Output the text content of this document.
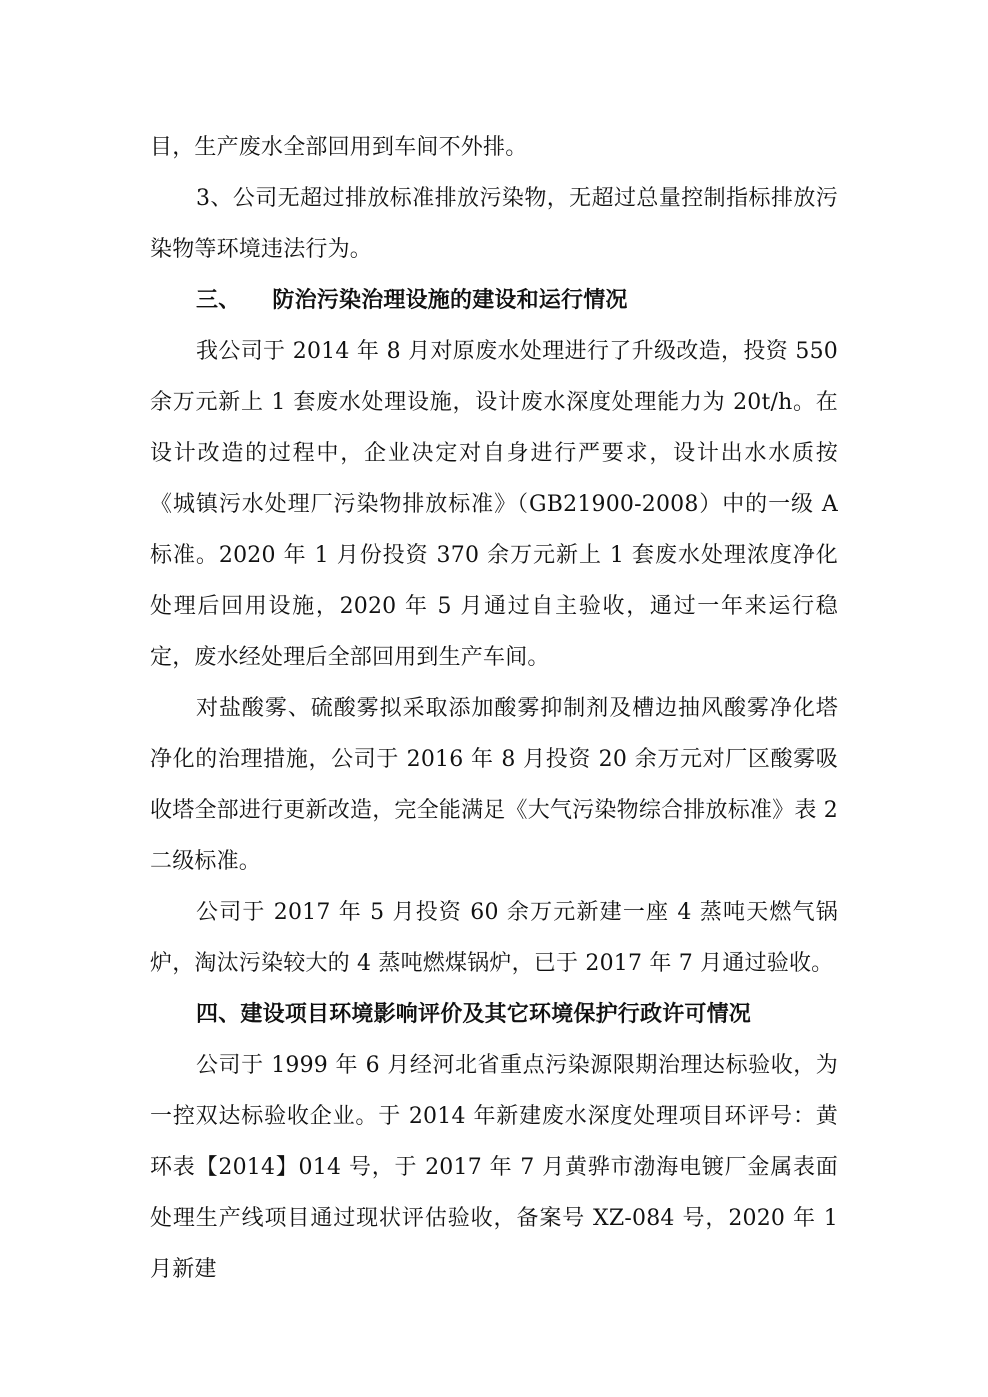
目，生产废水全部回用到车间不外排。

3、公司无超过排放标准排放污染物，无超过总量控制指标排放污染物等环境违法行为。

三、 防治污染治理设施的建设和运行情况

我公司于 2014 年 8 月对原废水处理进行了升级改造，投资 550 余万元新上 1 套废水处理设施，设计废水深度处理能力为 20t/h。在设计改造的过程中，企业决定对自身进行严要求，设计出水水质按《城镇污水处理厂污染物排放标准》（GB21900-2008）中的一级 A 标准。2020 年 1 月份投资 370 余万元新上 1 套废水处理浓度净化处理后回用设施，2020 年 5 月通过自主验收，通过一年来运行稳定，废水经处理后全部回用到生产车间。

对盐酸雾、硫酸雾拟采取添加酸雾抑制剂及槽边抽风酸雾净化塔净化的治理措施，公司于 2016 年 8 月投资 20 余万元对厂区酸雾吸收塔全部进行更新改造，完全能满足《大气污染物综合排放标准》表 2 二级标准。

公司于 2017 年 5 月投资 60 余万元新建一座 4 蒸吨天燃气锅炉，淘汰污染较大的 4 蒸吨燃煤锅炉，已于 2017 年 7 月通过验收。

四、建设项目环境影响评价及其它环境保护行政许可情况

公司于 1999 年 6 月经河北省重点污染源限期治理达标验收，为一控双达标验收企业。于 2014 年新建废水深度处理项目环评号：黄环表【2014】014 号，于 2017 年 7 月黄骅市渤海电镀厂金属表面处理生产线项目通过现状评估验收，备案号 XZ-084 号，2020 年 1 月新建
